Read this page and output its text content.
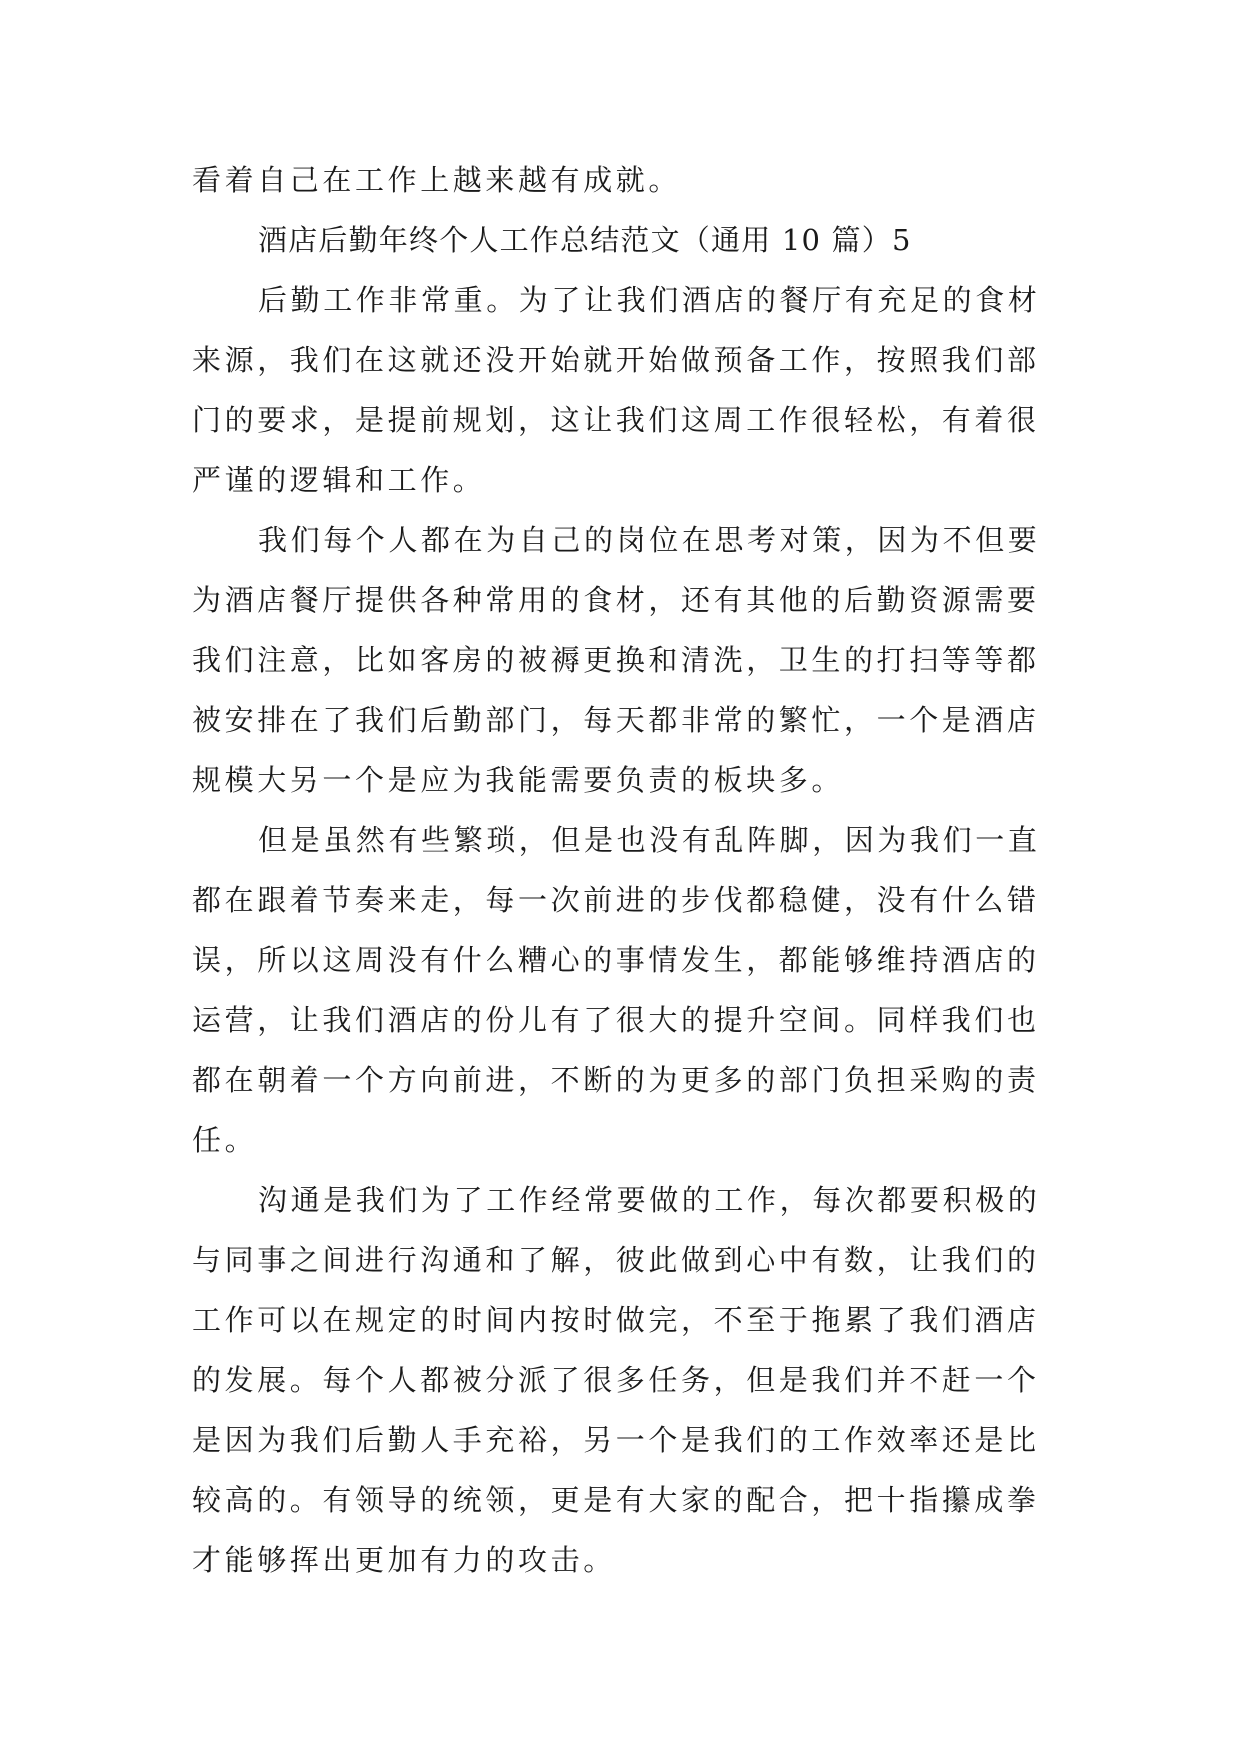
看着自己在工作上越来越有成就。

酒店后勤年终个人工作总结范文（通用 10 篇）5

后勤工作非常重。为了让我们酒店的餐厅有充足的食材
来源，我们在这就还没开始就开始做预备工作，按照我们部
门的要求，是提前规划，这让我们这周工作很轻松，有着很
严谨的逻辑和工作。
我们每个人都在为自己的岗位在思考对策，因为不但要
为酒店餐厅提供各种常用的食材，还有其他的后勤资源需要
我们注意，比如客房的被褥更换和清洗，卫生的打扫等等都
被安排在了我们后勤部门，每天都非常的繁忙，一个是酒店
规模大另一个是应为我能需要负责的板块多。
但是虽然有些繁琐，但是也没有乱阵脚，因为我们一直
都在跟着节奏来走，每一次前进的步伐都稳健，没有什么错
误，所以这周没有什么糟心的事情发生，都能够维持酒店的
运营，让我们酒店的份儿有了很大的提升空间。同样我们也
都在朝着一个方向前进，不断的为更多的部门负担采购的责
任。
沟通是我们为了工作经常要做的工作，每次都要积极的
与同事之间进行沟通和了解，彼此做到心中有数，让我们的
工作可以在规定的时间内按时做完，不至于拖累了我们酒店
的发展。每个人都被分派了很多任务，但是我们并不赶一个
是因为我们后勤人手充裕，另一个是我们的工作效率还是比
较高的。有领导的统领，更是有大家的配合，把十指攥成拳
才能够挥出更加有力的攻击。
